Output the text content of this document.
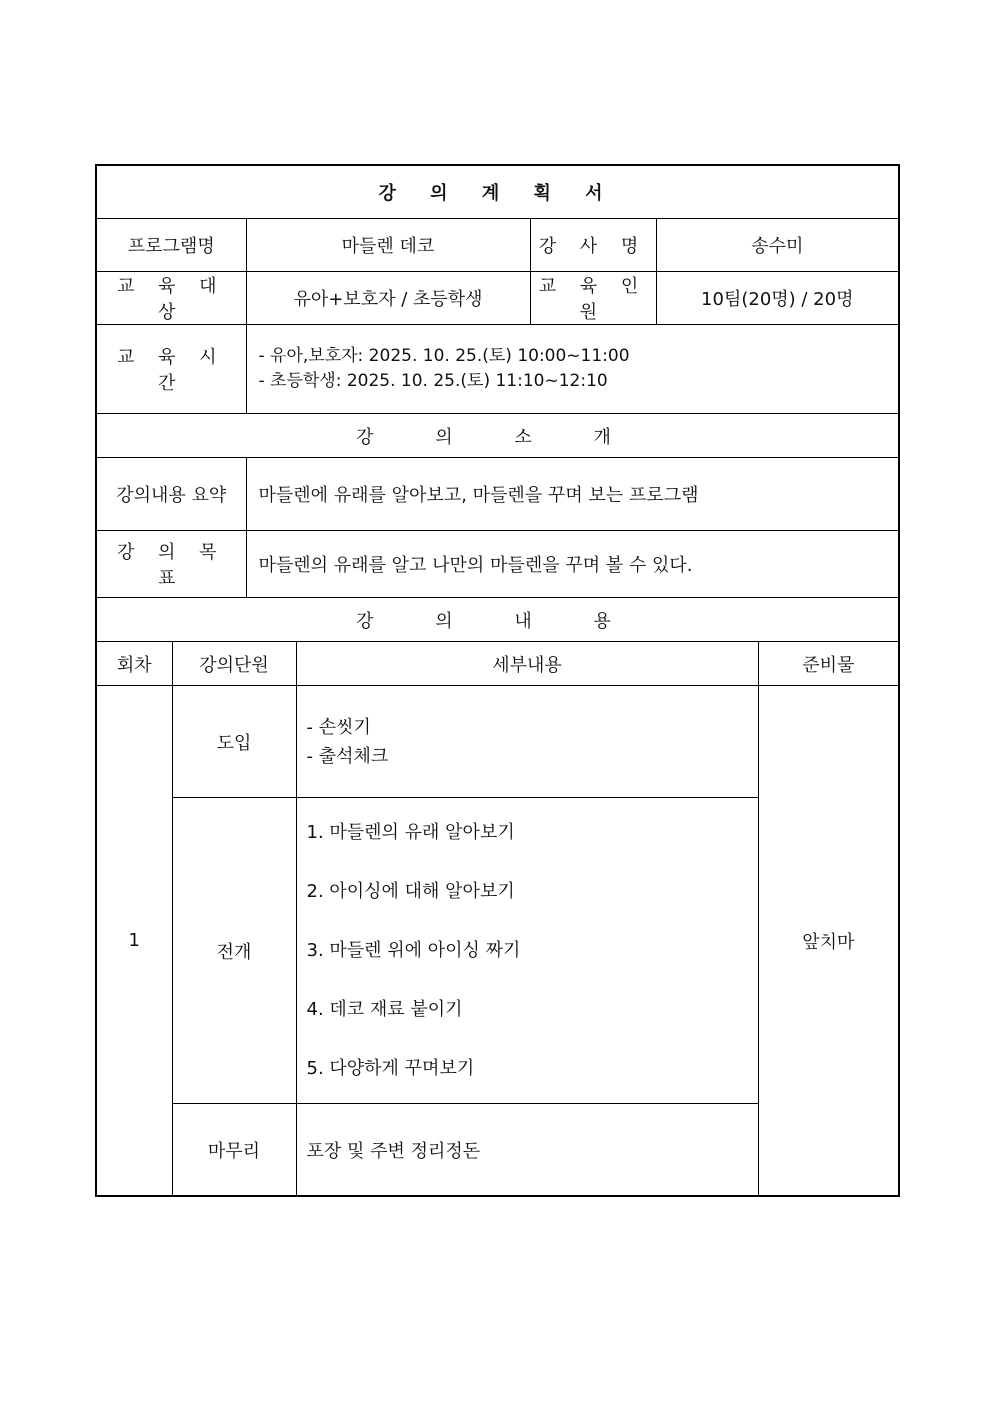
강 의 계 획 서						
프로그램명		마들렌 데코		강 사 명	송수미	
교 육 대 상		유아+보호자 / 초등학생		교 육 인 원	10팀(20명) / 20명	
교 육 시 간		- 유아,보호자: 2025. 10. 25.(토) 10:00~11:00
- 초등학생: 2025. 10. 25.(토) 11:10~12:10				

강 의 소 개						
강의내용 요약		마들렌에 유래를 알아보고, 마들렌을 꾸며 보는 프로그램				
강 의 목 표		마들렌의 유래를 알고 나만의 마들렌을 꾸며 볼 수 있다.				
강 의 내 용						
회차	강의단원		세부내용			준비물
1	도입		- 손씻기
- 출석체크			앞치마
	전개		1. 마들렌의 유래 알아보기
2. 아이싱에 대해 알아보기
3. 마들렌 위에 아이싱 짜기
4. 데코 재료 붙이기
5. 다양하게 꾸며보기			

	마무리		포장 및 주변 정리정돈			
